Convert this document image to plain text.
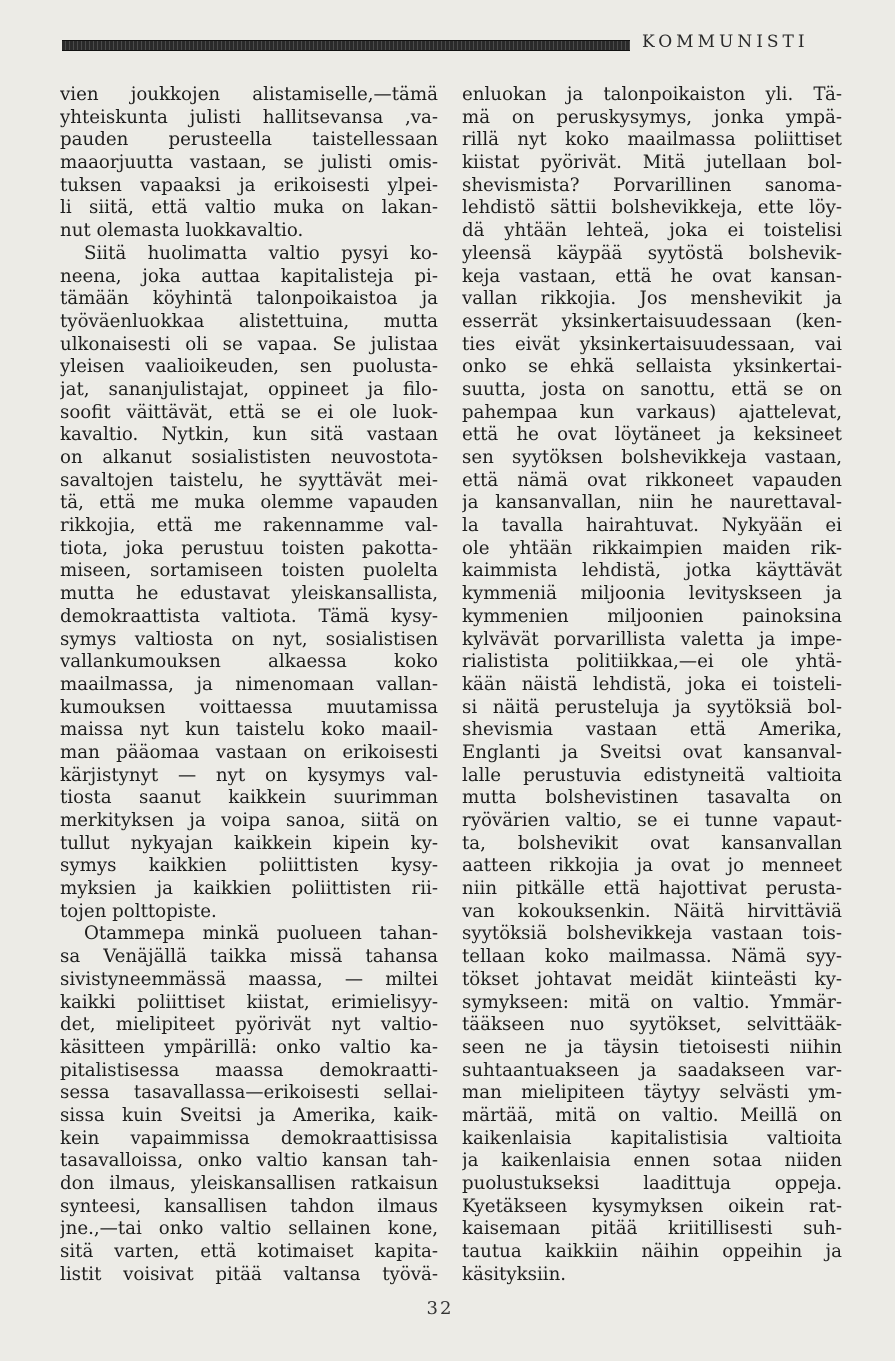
KOMMUNISTI
vien joukkojen alistamiselle,—tämä
yhteiskunta julisti hallitsevansa ,va-
pauden perusteella taistellessaan
maaorjuutta vastaan, se julisti omis-
tuksen vapaaksi ja erikoisesti ylpei-
li siitä, että valtio muka on lakan-
nut olemasta luokkavaltio.
Siitä huolimatta valtio pysyi ko-
neena, joka auttaa kapitalisteja pi-
tämään köyhintä talonpoikaistoa ja
työväenluokkaa alistettuina, mutta
ulkonaisesti oli se vapaa. Se julistaa
yleisen vaalioikeuden, sen puolusta-
jat, sananjulistajat, oppineet ja filo-
soofit väittävät, että se ei ole luok-
kavaltio. Nytkin, kun sitä vastaan
on alkanut sosialististen neuvostota-
savaltojen taistelu, he syyttävät mei-
tä, että me muka olemme vapauden
rikkojia, että me rakennamme val-
tiota, joka perustuu toisten pakotta-
miseen, sortamiseen toisten puolelta
mutta he edustavat yleiskansallista,
demokraattista valtiota. Tämä kysy-
symys valtiosta on nyt, sosialistisen
vallankumouksen alkaessa koko
maailmassa, ja nimenomaan vallan-
kumouksen voittaessa muutamissa
maissa nyt kun taistelu koko maail-
man pääomaa vastaan on erikoisesti
kärjistynyt — nyt on kysymys val-
tiosta saanut kaikkein suurimman
merkityksen ja voipa sanoa, siitä on
tullut nykyajan kaikkein kipein ky-
symys kaikkien poliittisten kysy-
myksien ja kaikkien poliittisten rii-
tojen polttopiste.
Otammepa minkä puolueen tahan-
sa Venäjällä taikka missä tahansa
sivistyneemmässä maassa, — miltei
kaikki poliittiset kiistat, erimielisyy-
det, mielipiteet pyörivät nyt valtio-
käsitteen ympärillä: onko valtio ka-
pitalistisessa maassa demokraatti-
sessa tasavallassa—erikoisesti sellai-
sissa kuin Sveitsi ja Amerika, kaik-
kein vapaimmissa demokraattisissa
tasavalloissa, onko valtio kansan tah-
don ilmaus, yleiskansallisen ratkaisun
synteesi, kansallisen tahdon ilmaus
jne.,—tai onko valtio sellainen kone,
sitä varten, että kotimaiset kapita-
listit voisivat pitää valtansa työvä-
enluokan ja talonpoikaiston yli. Tä-
mä on peruskysymys, jonka ympä-
rillä nyt koko maailmassa poliittiset
kiistat pyörivät. Mitä jutellaan bol-
shevismista? Porvarillinen sanoma-
lehdistö sättii bolshevikkeja, ette löy-
dä yhtään lehteä, joka ei toistelisi
yleensä käypää syytöstä bolshevik-
keja vastaan, että he ovat kansan-
vallan rikkojia. Jos menshevikit ja
esserrät yksinkertaisuudessaan (ken-
ties eivät yksinkertaisuudessaan, vai
onko se ehkä sellaista yksinkertai-
suutta, josta on sanottu, että se on
pahempaa kun varkaus) ajattelevat,
että he ovat löytäneet ja keksineet
sen syytöksen bolshevikkeja vastaan,
että nämä ovat rikkoneet vapauden
ja kansanvallan, niin he naurettaval-
la tavalla hairahtuvat. Nykyään ei
ole yhtään rikkaimpien maiden rik-
kaimmista lehdistä, jotka käyttävät
kymmeniä miljoonia levityskseen ja
kymmenien miljoonien painoksina
kylvävät porvarillista valetta ja impe-
rialistista politiikkaa,—ei ole yhtä-
kään näistä lehdistä, joka ei toisteli-
si näitä perusteluja ja syytöksiä bol-
shevismia vastaan että Amerika,
Englanti ja Sveitsi ovat kansanval-
lalle perustuvia edistyneitä valtioita
mutta bolshevistinen tasavalta on
ryövärien valtio, se ei tunne vapaut-
ta, bolshevikit ovat kansanvallan
aatteen rikkojia ja ovat jo menneet
niin pitkälle että hajottivat perusta-
van kokouksenkin. Näitä hirvittäviä
syytöksiä bolshevikkeja vastaan tois-
tellaan koko mailmassa. Nämä syy-
tökset johtavat meidät kiinteästi ky-
symykseen: mitä on valtio. Ymmär-
tääkseen nuo syytökset, selvittääk-
seen ne ja täysin tietoisesti niihin
suhtaantuakseen ja saadakseen var-
man mielipiteen täytyy selvästi ym-
märtää, mitä on valtio. Meillä on
kaikenlaisia kapitalistisia valtioita
ja kaikenlaisia ennen sotaa niiden
puolustukseksi laadittuja oppeja.
Kyetäkseen kysymyksen oikein rat-
kaisemaan pitää kriitillisesti suh-
tautua kaikkiin näihin oppeihin ja
käsityksiin.
32
